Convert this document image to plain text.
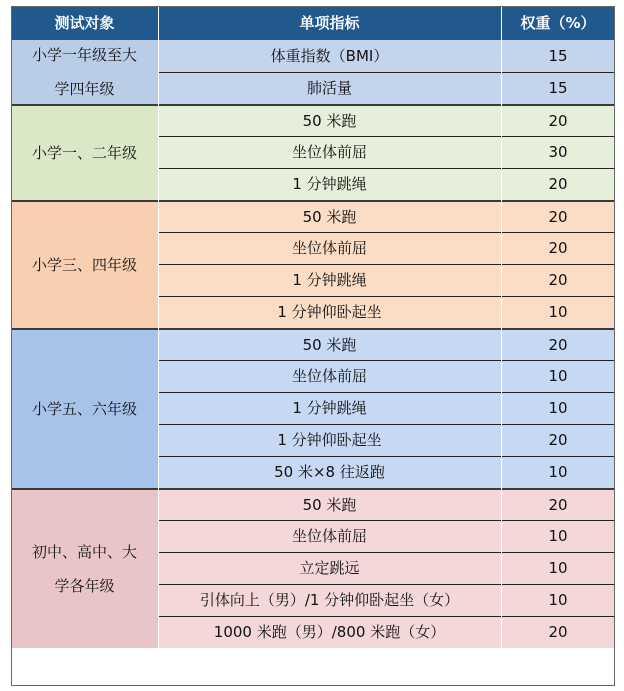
测试对象	单项指标	权重（%）
小学一年级至大
学四年级
体重指数（BMI）	15
肺活量	15
小学一、二年级
50 米跑	20
坐位体前屈	30
1 分钟跳绳	20
小学三、四年级
50 米跑	20
坐位体前屈	20
1 分钟跳绳	20
1 分钟仰卧起坐	10
小学五、六年级
50 米跑	20
坐位体前屈	10
1 分钟跳绳	10
1 分钟仰卧起坐	20
50 米×8 往返跑	10
初中、高中、大
学各年级
50 米跑	20
坐位体前屈	10
立定跳远	10
引体向上（男）/1 分钟仰卧起坐（女）	10
1000 米跑（男）/800 米跑（女）	20
